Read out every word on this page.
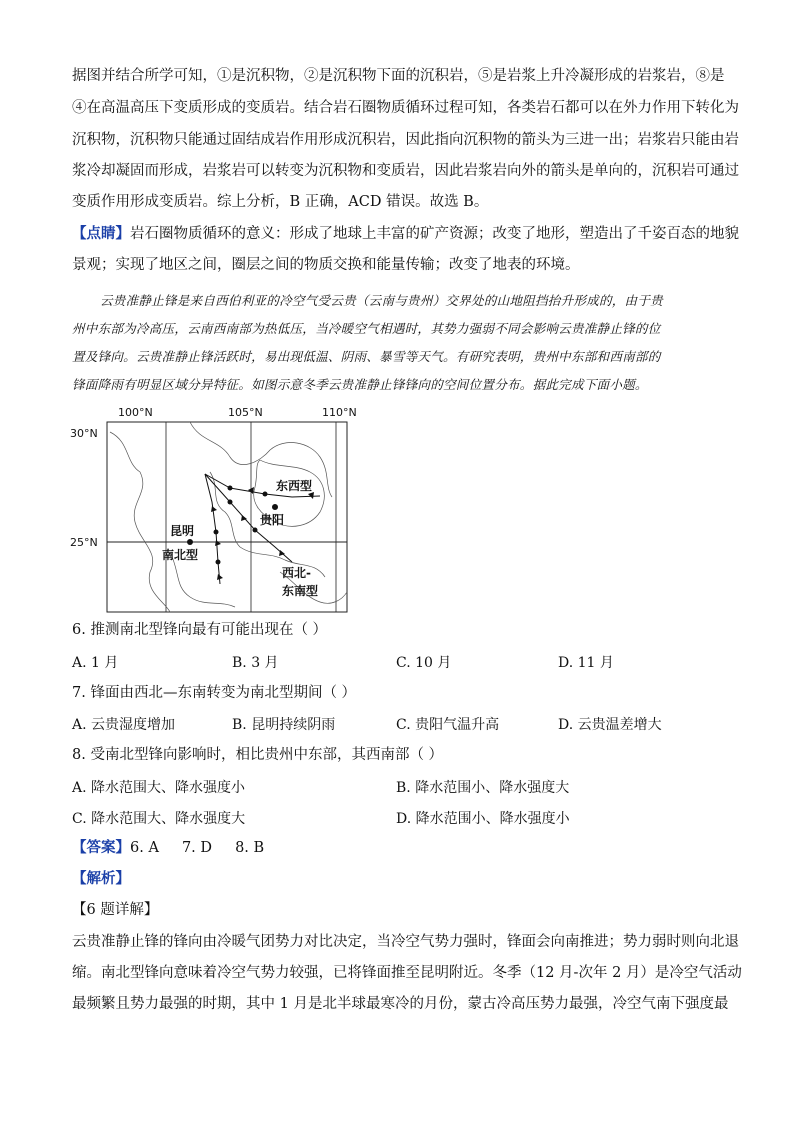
据图并结合所学可知，①是沉积物，②是沉积物下面的沉积岩，⑤是岩浆上升冷凝形成的岩浆岩，⑧是
④在高温高压下变质形成的变质岩。结合岩石圈物质循环过程可知，各类岩石都可以在外力作用下转化为
沉积物，沉积物只能通过固结成岩作用形成沉积岩，因此指向沉积物的箭头为三进一出；岩浆岩只能由岩
浆冷却凝固而形成，岩浆岩可以转变为沉积物和变质岩，因此岩浆岩向外的箭头是单向的，沉积岩可通过
变质作用形成变质岩。综上分析，B 正确，ACD 错误。故选 B。
【点睛】岩石圈物质循环的意义：形成了地球上丰富的矿产资源；改变了地形，塑造出了千姿百态的地貌
景观；实现了地区之间，圈层之间的物质交换和能量传输；改变了地表的环境。
云贵准静止锋是来自西伯利亚的冷空气受云贵（云南与贵州）交界处的山地阻挡抬升形成的，由于贵
州中东部为冷高压，云南西南部为热低压，当冷暖空气相遇时，其势力强弱不同会影响云贵准静止锋的位
置及锋向。云贵准静止锋活跃时，易出现低温、阴雨、暴雪等天气。有研究表明，贵州中东部和西南部的
锋面降雨有明显区域分异特征。如图示意冬季云贵准静止锋锋向的空间位置分布。据此完成下面小题。
100°N	105°N	110°N
30°N
25°N
东西型
贵阳
昆明
南北型
西北-
东南型
6. 推测南北型锋向最有可能出现在（ ）
A. 1 月	B. 3 月	C. 10 月	D. 11 月
7. 锋面由西北—东南转变为南北型期间（ ）
A. 云贵湿度增加	B. 昆明持续阴雨	C. 贵阳气温升高	D. 云贵温差增大
8. 受南北型锋向影响时，相比贵州中东部，其西南部（ ）
A. 降水范围大、降水强度小	B. 降水范围小、降水强度大
C. 降水范围大、降水强度大	D. 降水范围小、降水强度小
【答案】6. A     7. D     8. B
【解析】
【6 题详解】
云贵准静止锋的锋向由冷暖气团势力对比决定，当冷空气势力强时，锋面会向南推进；势力弱时则向北退
缩。南北型锋向意味着冷空气势力较强，已将锋面推至昆明附近。冬季（12 月-次年 2 月）是冷空气活动
最频繁且势力最强的时期，其中 1 月是北半球最寒冷的月份，蒙古冷高压势力最强，冷空气南下强度最
